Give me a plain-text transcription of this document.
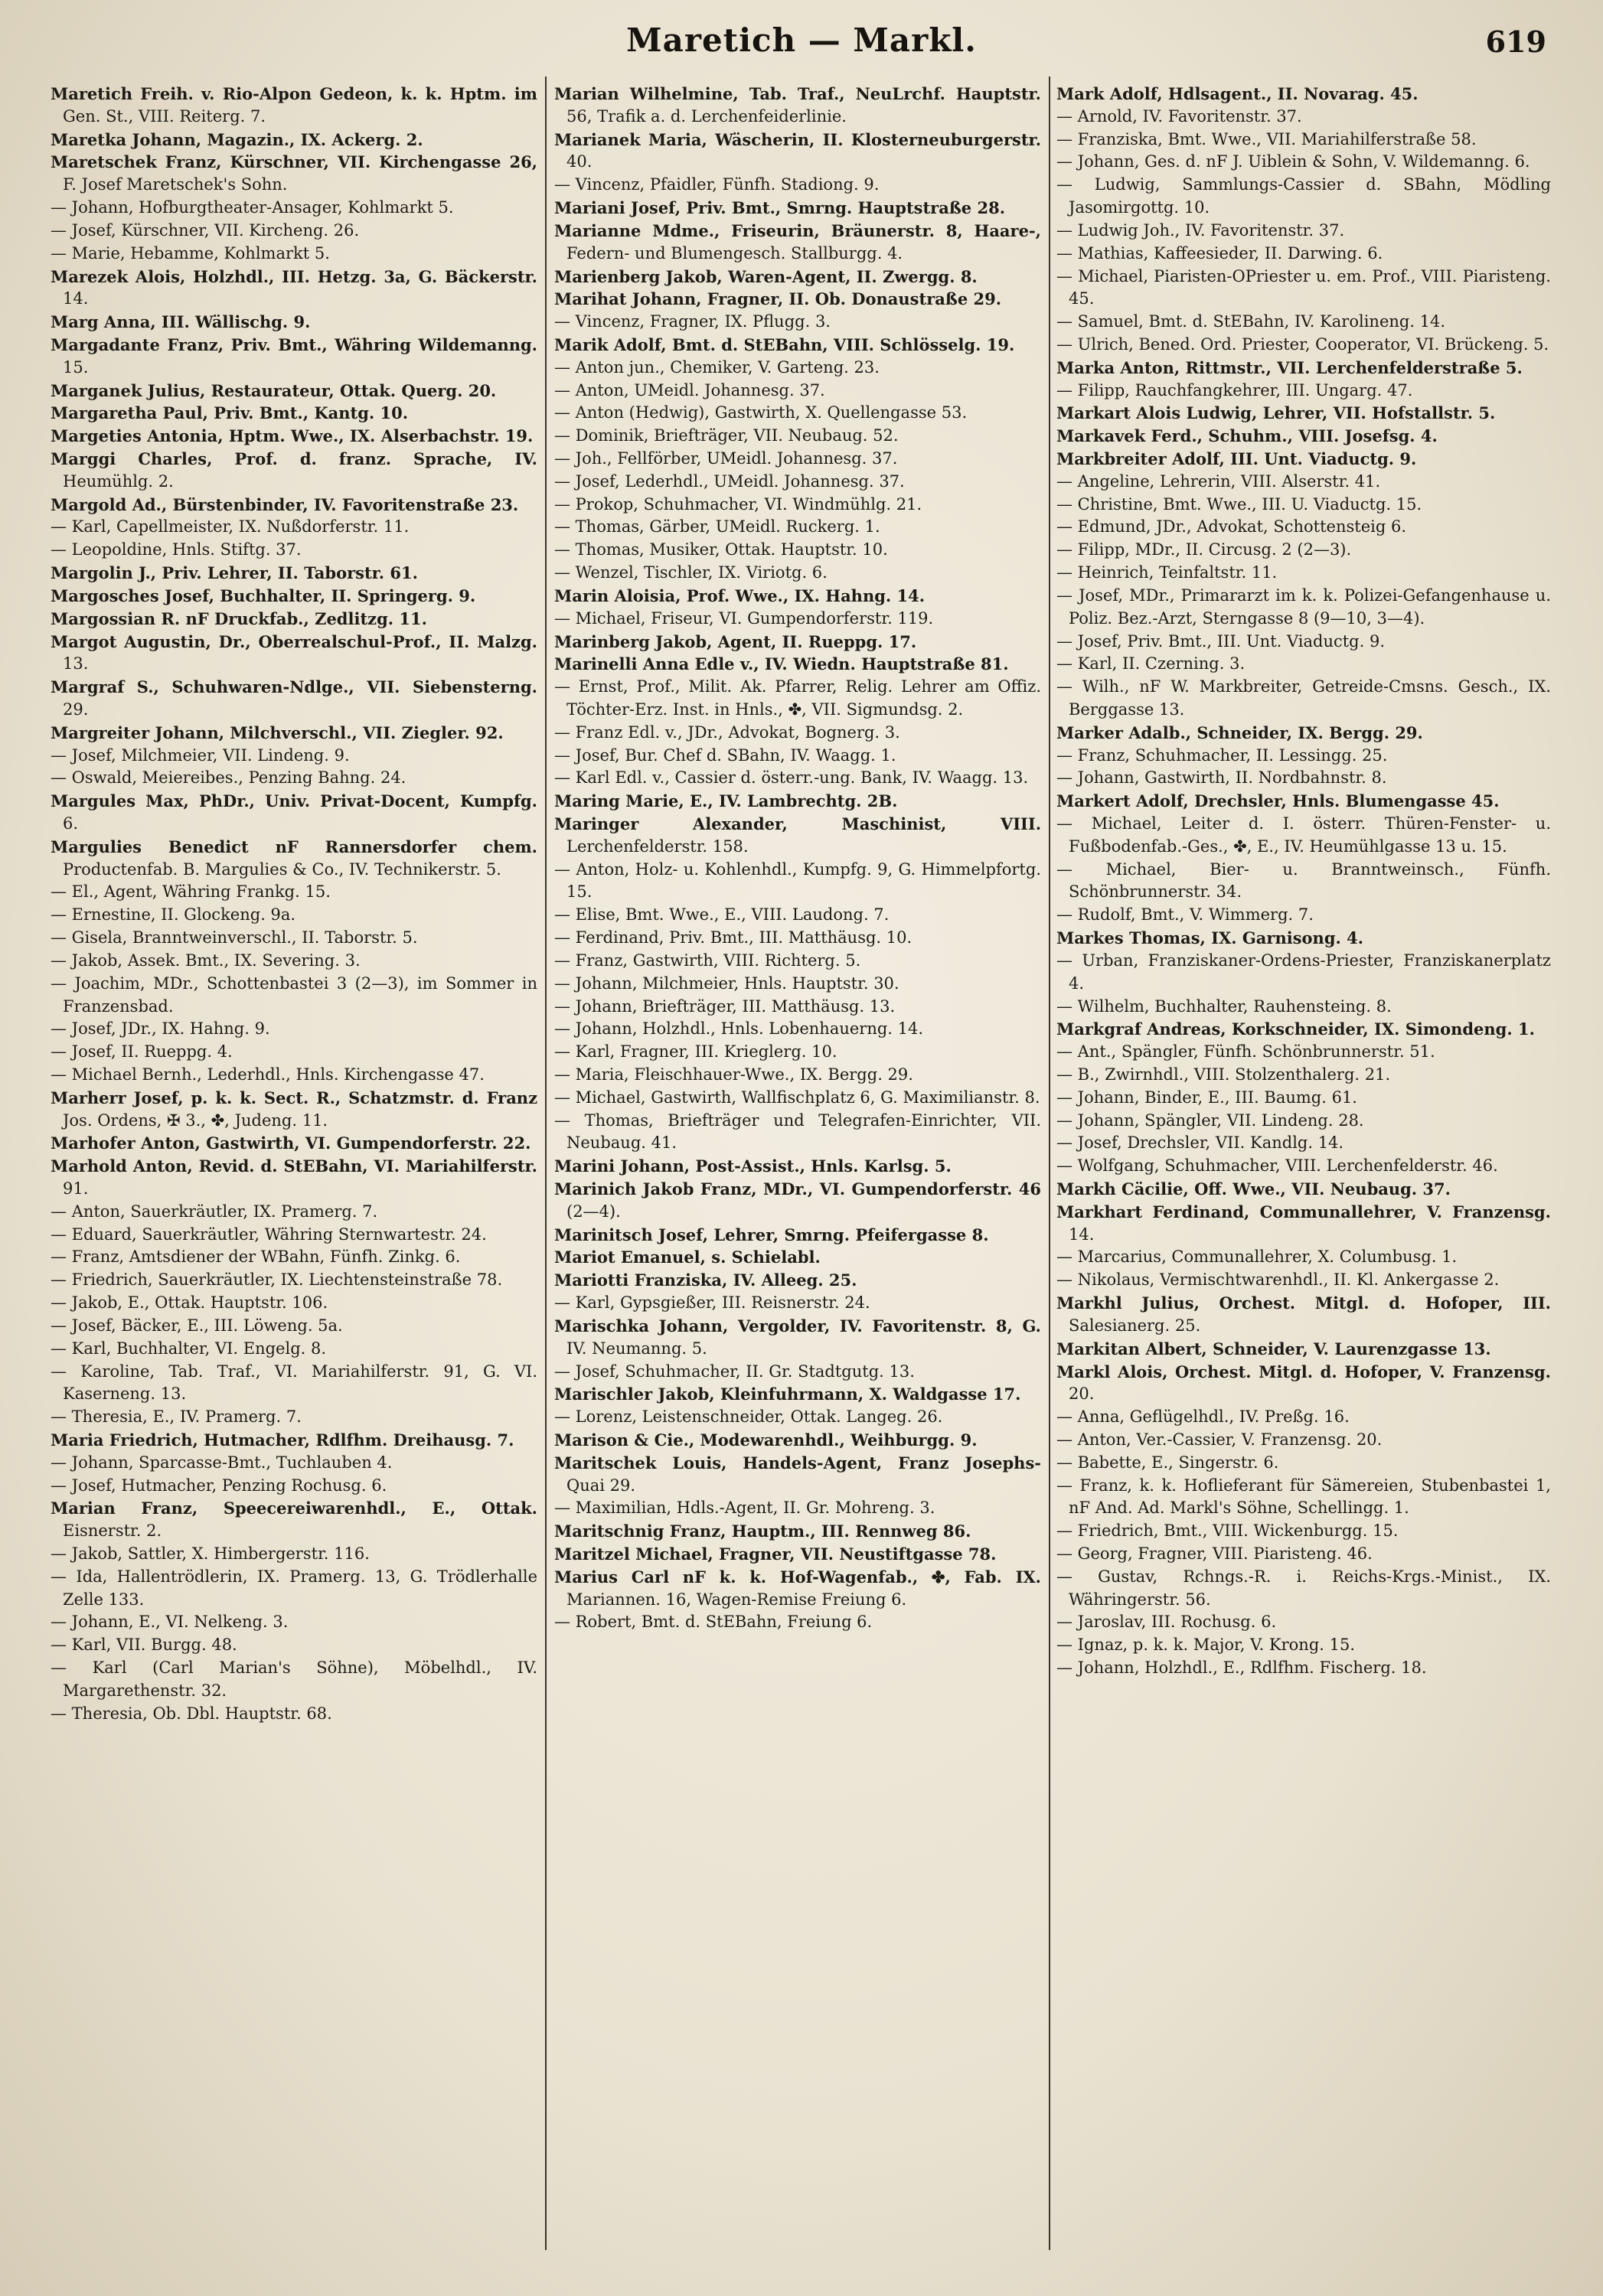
Maretich — Markl.	619

Maretich Freih. v. Rio-Alpon Gedeon, k. k. Hptm. im Gen. St., VIII. Reiterg. 7.

Maretka Johann, Magazin., IX. Ackerg. 2.

Maretschek Franz, Kürschner, VII. Kirchengasse 26, F. Josef Maretschek's Sohn.

— Johann, Hofburgtheater-Ansager, Kohlmarkt 5.

— Josef, Kürschner, VII. Kircheng. 26.

— Marie, Hebamme, Kohlmarkt 5.

Marezek Alois, Holzhdl., III. Hetzg. 3a, G. Bäckerstr. 14.

Marg Anna, III. Wällischg. 9.

Margadante Franz, Priv. Bmt., Währing Wildemanng. 15.

Marganek Julius, Restaurateur, Ottak. Querg. 20.

Margaretha Paul, Priv. Bmt., Kantg. 10.

Margeties Antonia, Hptm. Wwe., IX. Alserbachstr. 19.

Marggi Charles, Prof. d. franz. Sprache, IV. Heumühlg. 2.

Margold Ad., Bürstenbinder, IV. Favoritenstraße 23.

— Karl, Capellmeister, IX. Nußdorferstr. 11.

— Leopoldine, Hnls. Stiftg. 37.

Margolin J., Priv. Lehrer, II. Taborstr. 61.

Margosches Josef, Buchhalter, II. Springerg. 9.

Margossian R. nF Druckfab., Zedlitzg. 11.

Margot Augustin, Dr., Oberrealschul-Prof., II. Malzg. 13.

Margraf S., Schuhwaren-Ndlge., VII. Siebensterng. 29.

Margreiter Johann, Milchverschl., VII. Ziegler. 92.

— Josef, Milchmeier, VII. Lindeng. 9.

— Oswald, Meiereibes., Penzing Bahng. 24.

Margules Max, PhDr., Univ. Privat-Docent, Kumpfg. 6.

Margulies Benedict nF Rannersdorfer chem. Productenfab. B. Margulies & Co., IV. Technikerstr. 5.

— El., Agent, Währing Frankg. 15.

— Ernestine, II. Glockeng. 9a.

— Gisela, Branntweinverschl., II. Taborstr. 5.

— Jakob, Assek. Bmt., IX. Severing. 3.

— Joachim, MDr., Schottenbastei 3 (2—3), im Sommer in Franzensbad.

— Josef, JDr., IX. Hahng. 9.

— Josef, II. Rueppg. 4.

— Michael Bernh., Lederhdl., Hnls. Kirchengasse 47.

Marherr Josef, p. k. k. Sect. R., Schatzmstr. d. Franz Jos. Ordens, ✠ 3., ✤, Judeng. 11.

Marhofer Anton, Gastwirth, VI. Gumpendorferstr. 22.

Marhold Anton, Revid. d. StEBahn, VI. Mariahilferstr. 91.

— Anton, Sauerkräutler, IX. Pramerg. 7.

— Eduard, Sauerkräutler, Währing Sternwartestr. 24.

— Franz, Amtsdiener der WBahn, Fünfh. Zinkg. 6.

— Friedrich, Sauerkräutler, IX. Liechtensteinstraße 78.

— Jakob, E., Ottak. Hauptstr. 106.

— Josef, Bäcker, E., III. Löweng. 5a.

— Karl, Buchhalter, VI. Engelg. 8.

— Karoline, Tab. Traf., VI. Mariahilferstr. 91, G. VI. Kaserneng. 13.

— Theresia, E., IV. Pramerg. 7.

Maria Friedrich, Hutmacher, Rdlfhm. Dreihausg. 7.

— Johann, Sparcasse-Bmt., Tuchlauben 4.

— Josef, Hutmacher, Penzing Rochusg. 6.

Marian Franz, Speecereiwarenhdl., E., Ottak. Eisnerstr. 2.

— Jakob, Sattler, X. Himbergerstr. 116.

— Ida, Hallentrödlerin, IX. Pramerg. 13, G. Trödlerhalle Zelle 133.

— Johann, E., VI. Nelkeng. 3.

— Karl, VII. Burgg. 48.

— Karl (Carl Marian's Söhne), Möbelhdl., IV. Margarethenstr. 32.

— Theresia, Ob. Dbl. Hauptstr. 68.

Marian Wilhelmine, Tab. Traf., NeuLrchf. Hauptstr. 56, Trafik a. d. Lerchenfeiderlinie.

Marianek Maria, Wäscherin, II. Klosterneuburgerstr. 40.

— Vincenz, Pfaidler, Fünfh. Stadiong. 9.

Mariani Josef, Priv. Bmt., Smrng. Hauptstraße 28.

Marianne Mdme., Friseurin, Bräunerstr. 8, Haare-, Federn- und Blumengesch. Stallburgg. 4.

Marienberg Jakob, Waren-Agent, II. Zwergg. 8.

Marihat Johann, Fragner, II. Ob. Donaustraße 29.

— Vincenz, Fragner, IX. Pflugg. 3.

Marik Adolf, Bmt. d. StEBahn, VIII. Schlösselg. 19.

— Anton jun., Chemiker, V. Garteng. 23.

— Anton, UMeidl. Johannesg. 37.

— Anton (Hedwig), Gastwirth, X. Quellengasse 53.

— Dominik, Briefträger, VII. Neubaug. 52.

— Joh., Fellförber, UMeidl. Johannesg. 37.

— Josef, Lederhdl., UMeidl. Johannesg. 37.

— Prokop, Schuhmacher, VI. Windmühlg. 21.

— Thomas, Gärber, UMeidl. Ruckerg. 1.

— Thomas, Musiker, Ottak. Hauptstr. 10.

— Wenzel, Tischler, IX. Viriotg. 6.

Marin Aloisia, Prof. Wwe., IX. Hahng. 14.

— Michael, Friseur, VI. Gumpendorferstr. 119.

Marinberg Jakob, Agent, II. Rueppg. 17.

Marinelli Anna Edle v., IV. Wiedn. Hauptstraße 81.

— Ernst, Prof., Milit. Ak. Pfarrer, Relig. Lehrer am Offiz. Töchter-Erz. Inst. in Hnls., ✤, VII. Sigmundsg. 2.

— Franz Edl. v., JDr., Advokat, Bognerg. 3.

— Josef, Bur. Chef d. SBahn, IV. Waagg. 1.

— Karl Edl. v., Cassier d. österr.-ung. Bank, IV. Waagg. 13.

Maring Marie, E., IV. Lambrechtg. 2B.

Maringer Alexander, Maschinist, VIII. Lerchenfelderstr. 158.

— Anton, Holz- u. Kohlenhdl., Kumpfg. 9, G. Himmelpfortg. 15.

— Elise, Bmt. Wwe., E., VIII. Laudong. 7.

— Ferdinand, Priv. Bmt., III. Matthäusg. 10.

— Franz, Gastwirth, VIII. Richterg. 5.

— Johann, Milchmeier, Hnls. Hauptstr. 30.

— Johann, Briefträger, III. Matthäusg. 13.

— Johann, Holzhdl., Hnls. Lobenhauerng. 14.

— Karl, Fragner, III. Krieglerg. 10.

— Maria, Fleischhauer-Wwe., IX. Bergg. 29.

— Michael, Gastwirth, Wallfischplatz 6, G. Maximilianstr. 8.

— Thomas, Briefträger und Telegrafen-Einrichter, VII. Neubaug. 41.

Marini Johann, Post-Assist., Hnls. Karlsg. 5.

Marinich Jakob Franz, MDr., VI. Gumpendorferstr. 46 (2—4).

Marinitsch Josef, Lehrer, Smrng. Pfeifergasse 8.

Mariot Emanuel, s. Schielabl.

Mariotti Franziska, IV. Alleeg. 25.

— Karl, Gypsgießer, III. Reisnerstr. 24.

Marischka Johann, Vergolder, IV. Favoritenstr. 8, G. IV. Neumanng. 5.

— Josef, Schuhmacher, II. Gr. Stadtgutg. 13.

Marischler Jakob, Kleinfuhrmann, X. Waldgasse 17.

— Lorenz, Leistenschneider, Ottak. Langeg. 26.

Marison & Cie., Modewarenhdl., Weihburgg. 9.

Maritschek Louis, Handels-Agent, Franz Josephs-Quai 29.

— Maximilian, Hdls.-Agent, II. Gr. Mohreng. 3.

Maritschnig Franz, Hauptm., III. Rennweg 86.

Maritzel Michael, Fragner, VII. Neustiftgasse 78.

Marius Carl nF k. k. Hof-Wagenfab., ✤, Fab. IX. Mariannen. 16, Wagen-Remise Freiung 6.

— Robert, Bmt. d. StEBahn, Freiung 6.

Mark Adolf, Hdlsagent., II. Novarag. 45.

— Arnold, IV. Favoritenstr. 37.

— Franziska, Bmt. Wwe., VII. Mariahilferstraße 58.

— Johann, Ges. d. nF J. Uiblein & Sohn, V. Wildemanng. 6.

— Ludwig, Sammlungs-Cassier d. SBahn, Mödling Jasomirgottg. 10.

— Ludwig Joh., IV. Favoritenstr. 37.

— Mathias, Kaffeesieder, II. Darwing. 6.

— Michael, Piaristen-OPriester u. em. Prof., VIII. Piaristeng. 45.

— Samuel, Bmt. d. StEBahn, IV. Karolineng. 14.

— Ulrich, Bened. Ord. Priester, Cooperator, VI. Brückeng. 5.

Marka Anton, Rittmstr., VII. Lerchenfelderstraße 5.

— Filipp, Rauchfangkehrer, III. Ungarg. 47.

Markart Alois Ludwig, Lehrer, VII. Hofstallstr. 5.

Markavek Ferd., Schuhm., VIII. Josefsg. 4.

Markbreiter Adolf, III. Unt. Viaductg. 9.

— Angeline, Lehrerin, VIII. Alserstr. 41.

— Christine, Bmt. Wwe., III. U. Viaductg. 15.

— Edmund, JDr., Advokat, Schottensteig 6.

— Filipp, MDr., II. Circusg. 2 (2—3).

— Heinrich, Teinfaltstr. 11.

— Josef, MDr., Primararzt im k. k. Polizei-Gefangenhause u. Poliz. Bez.-Arzt, Sterngasse 8 (9—10, 3—4).

— Josef, Priv. Bmt., III. Unt. Viaductg. 9.

— Karl, II. Czerning. 3.

— Wilh., nF W. Markbreiter, Getreide-Cmsns. Gesch., IX. Berggasse 13.

Marker Adalb., Schneider, IX. Bergg. 29.

— Franz, Schuhmacher, II. Lessingg. 25.

— Johann, Gastwirth, II. Nordbahnstr. 8.

Markert Adolf, Drechsler, Hnls. Blumengasse 45.

— Michael, Leiter d. I. österr. Thüren-Fenster- u. Fußbodenfab.-Ges., ✤, E., IV. Heumühlgasse 13 u. 15.

— Michael, Bier- u. Branntweinsch., Fünfh. Schönbrunnerstr. 34.

— Rudolf, Bmt., V. Wimmerg. 7.

Markes Thomas, IX. Garnisong. 4.

— Urban, Franziskaner-Ordens-Priester, Franziskanerplatz 4.

— Wilhelm, Buchhalter, Rauhensteing. 8.

Markgraf Andreas, Korkschneider, IX. Simondeng. 1.

— Ant., Spängler, Fünfh. Schönbrunnerstr. 51.

— B., Zwirnhdl., VIII. Stolzenthalerg. 21.

— Johann, Binder, E., III. Baumg. 61.

— Johann, Spängler, VII. Lindeng. 28.

— Josef, Drechsler, VII. Kandlg. 14.

— Wolfgang, Schuhmacher, VIII. Lerchenfelderstr. 46.

Markh Cäcilie, Off. Wwe., VII. Neubaug. 37.

Markhart Ferdinand, Communallehrer, V. Franzensg. 14.

— Marcarius, Communallehrer, X. Columbusg. 1.

— Nikolaus, Vermischtwarenhdl., II. Kl. Ankergasse 2.

Markhl Julius, Orchest. Mitgl. d. Hofoper, III. Salesianerg. 25.

Markitan Albert, Schneider, V. Laurenzgasse 13.

Markl Alois, Orchest. Mitgl. d. Hofoper, V. Franzensg. 20.

— Anna, Geflügelhdl., IV. Preßg. 16.

— Anton, Ver.-Cassier, V. Franzensg. 20.

— Babette, E., Singerstr. 6.

— Franz, k. k. Hoflieferant für Sämereien, Stubenbastei 1, nF And. Ad. Markl's Söhne, Schellingg. 1.

— Friedrich, Bmt., VIII. Wickenburgg. 15.

— Georg, Fragner, VIII. Piaristeng. 46.

— Gustav, Rchngs.-R. i. Reichs-Krgs.-Minist., IX. Währingerstr. 56.

— Jaroslav, III. Rochusg. 6.

— Ignaz, p. k. k. Major, V. Krong. 15.

— Johann, Holzhdl., E., Rdlfhm. Fischerg. 18.
